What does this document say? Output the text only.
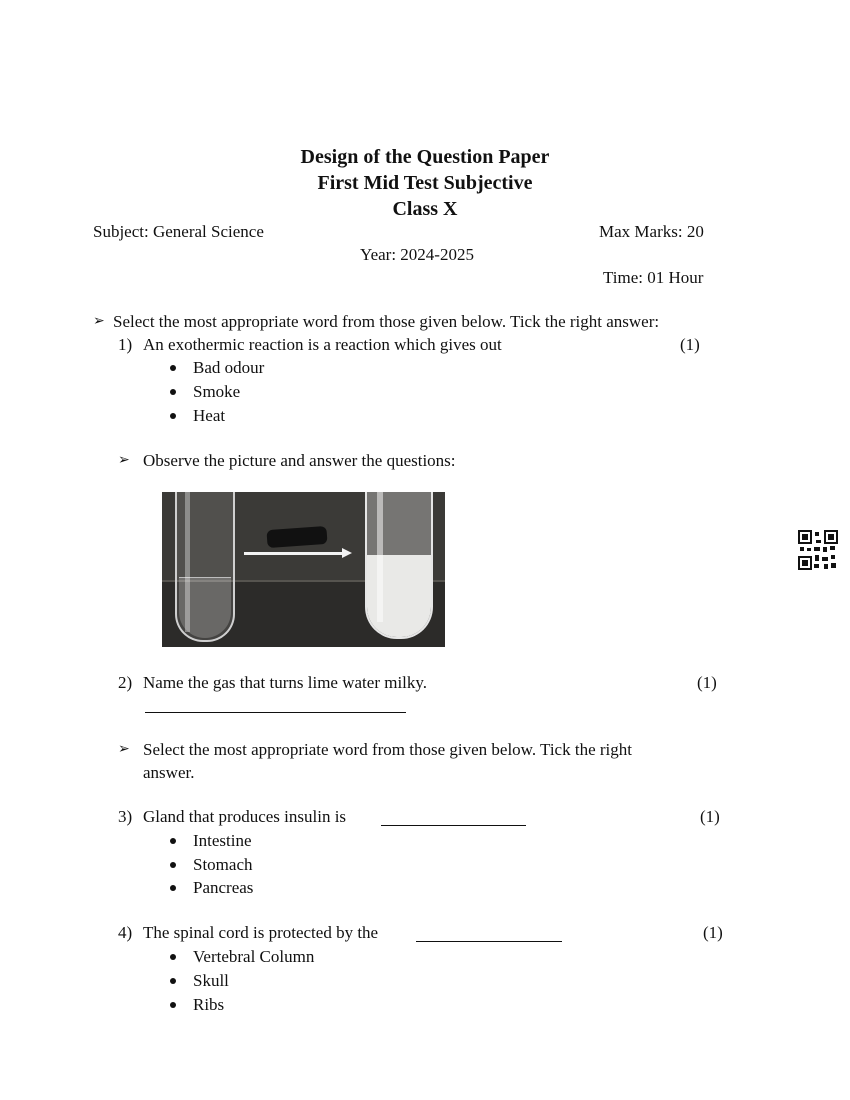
Design of the Question Paper
First Mid Test Subjective
Class X
Subject: General Science	Max Marks: 20
Year: 2024-2025
Time: 01 Hour
➢ Select the most appropriate word from those given below. Tick the right answer:
1) An exothermic reaction is a reaction which gives out	(1)
Bad odour
Smoke
Heat
➢ Observe the picture and answer the questions:
2) Name the gas that turns lime water milky.	(1)
➢ Select the most appropriate word from those given below. Tick the right
answer.
3) Gland that produces insulin is	(1)
Intestine
Stomach
Pancreas
4) The spinal cord is protected by the	(1)
Vertebral Column
Skull
Ribs
